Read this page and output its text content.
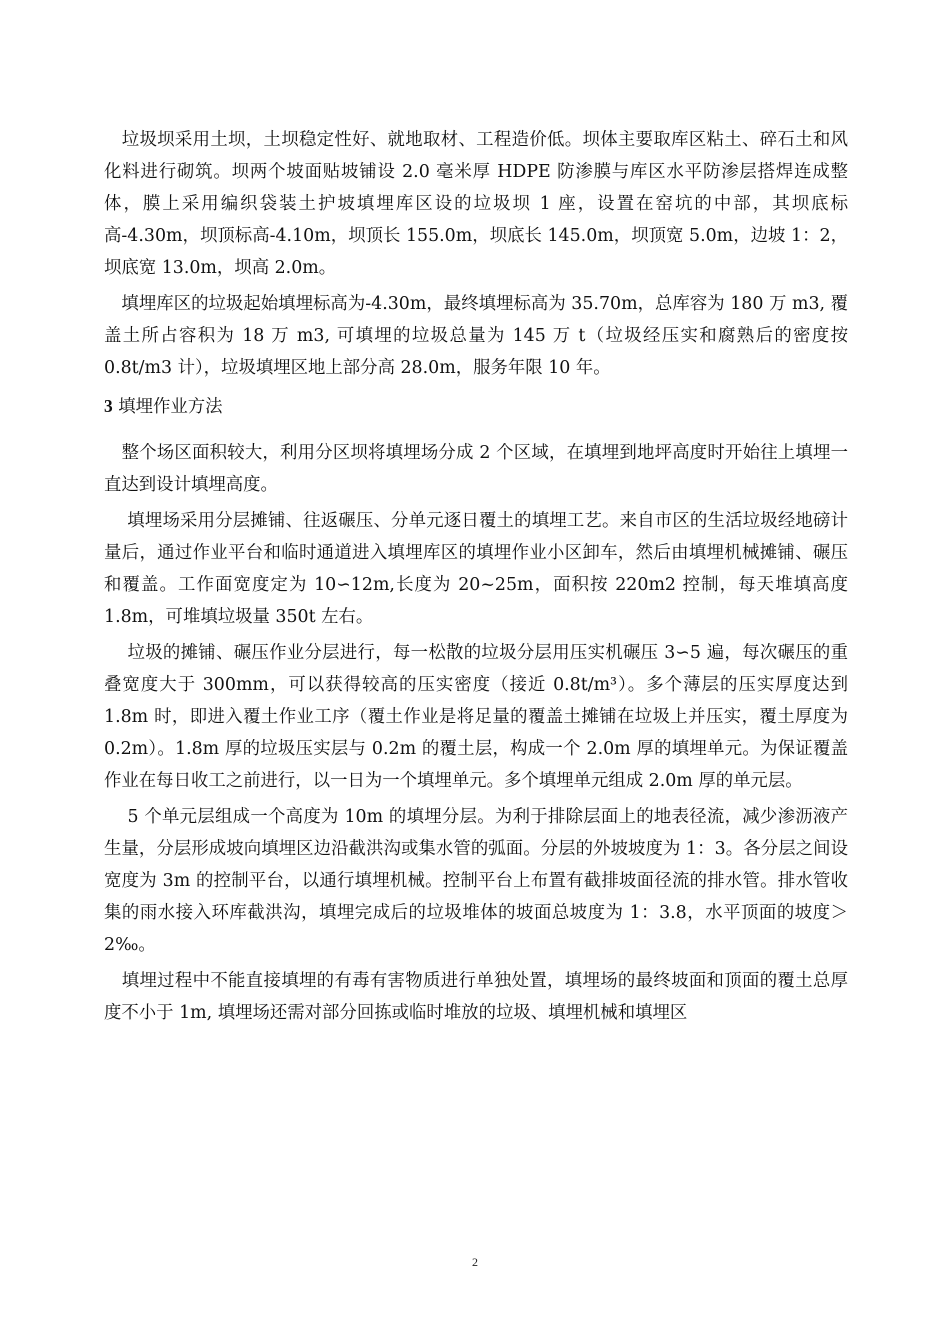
　垃圾坝采用土坝，土坝稳定性好、就地取材、工程造价低。坝体主要取库区粘土、碎石土和风化料进行砌筑。坝两个坡面贴坡铺设 2.0 毫米厚 HDPE 防渗膜与库区水平防渗层搭焊连成整体，膜上采用编织袋装土护坡填埋库区设的垃圾坝 1 座，设置在窑坑的中部，其坝底标高-4.30m，坝顶标高-4.10m，坝顶长 155.0m，坝底长 145.0m，坝顶宽 5.0m，边坡 1：2，坝底宽 13.0m，坝高 2.0m。

　填埋库区的垃圾起始填埋标高为-4.30m，最终填埋标高为 35.70m，总库容为 180 万 m3, 覆盖土所占容积为 18 万 m3, 可填埋的垃圾总量为 145 万 t（垃圾经压实和腐熟后的密度按 0.8t/m3 计），垃圾填埋区地上部分高 28.0m，服务年限 10 年。

3 填埋作业方法

　整个场区面积较大，利用分区坝将填埋场分成 2 个区域，在填埋到地坪高度时开始往上填埋一直达到设计填埋高度。

　 填埋场采用分层摊铺、往返碾压、分单元逐日覆土的填埋工艺。来自市区的生活垃圾经地磅计量后，通过作业平台和临时通道进入填埋库区的填埋作业小区卸车，然后由填埋机械摊铺、碾压和覆盖。工作面宽度定为 10∽12m,长度为 20~25m，面积按 220m2 控制，每天堆填高度 1.8m，可堆填垃圾量 350t 左右。

　 垃圾的摊铺、碾压作业分层进行，每一松散的垃圾分层用压实机碾压 3∽5 遍，每次碾压的重叠宽度大于 300mm，可以获得较高的压实密度（接近 0.8t/m³）。多个薄层的压实厚度达到 1.8m 时，即进入覆土作业工序（覆土作业是将足量的覆盖土摊铺在垃圾上并压实，覆土厚度为 0.2m）。1.8m 厚的垃圾压实层与 0.2m 的覆土层，构成一个 2.0m 厚的填埋单元。为保证覆盖作业在每日收工之前进行，以一日为一个填埋单元。多个填埋单元组成 2.0m 厚的单元层。

　 5 个单元层组成一个高度为 10m 的填埋分层。为利于排除层面上的地表径流，减少渗沥液产生量，分层形成坡向填埋区边沿截洪沟或集水管的弧面。分层的外坡坡度为 1：3。各分层之间设宽度为 3m 的控制平台，以通行填埋机械。控制平台上布置有截排坡面径流的排水管。排水管收集的雨水接入环库截洪沟，填埋完成后的垃圾堆体的坡面总坡度为 1：3.8，水平顶面的坡度＞2‰。

　填埋过程中不能直接填埋的有毒有害物质进行单独处置，填埋场的最终坡面和顶面的覆土总厚度不小于 1m, 填埋场还需对部分回拣或临时堆放的垃圾、填埋机械和填埋区

2
